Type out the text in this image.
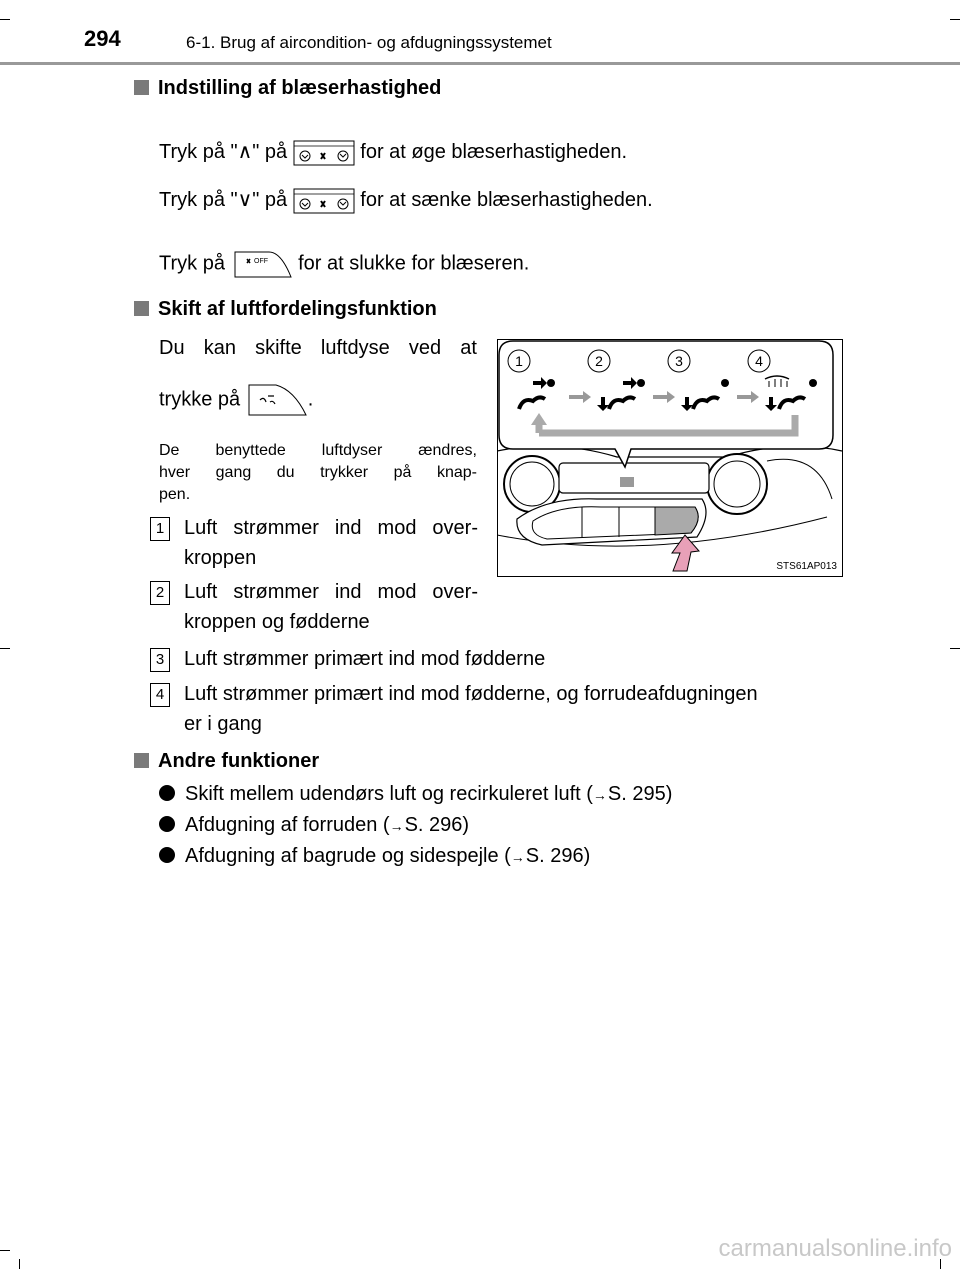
294	6-1. Brug af aircondition- og afdugningssystemet
Indstilling af blæserhastighed
Tryk på "∧" på	for at øge blæserhastigheden.
Tryk på "∨" på	for at sænke blæserhastigheden.
Tryk på	OFF for at slukke for blæseren.
Skift af luftfordelingsfunktion
Du kan skifte luftdyse ved at
trykke på	.
De benyttede luftdyser ændres,
hver gang du trykker på knap-
pen.
1 Luft strømmer ind mod over-
kroppen
2 Luft strømmer ind mod over-
kroppen og fødderne
3 Luft strømmer primært ind mod fødderne
4 Luft strømmer primært ind mod fødderne, og forrudeafdugningen
er i gang
1	2	3	4
STS61AP013
Andre funktioner
Skift mellem udendørs luft og recirkuleret luft (→S. 295)
Afdugning af forruden (→S. 296)
Afdugning af bagrude og sidespejle (→S. 296)
carmanualsonline.info
